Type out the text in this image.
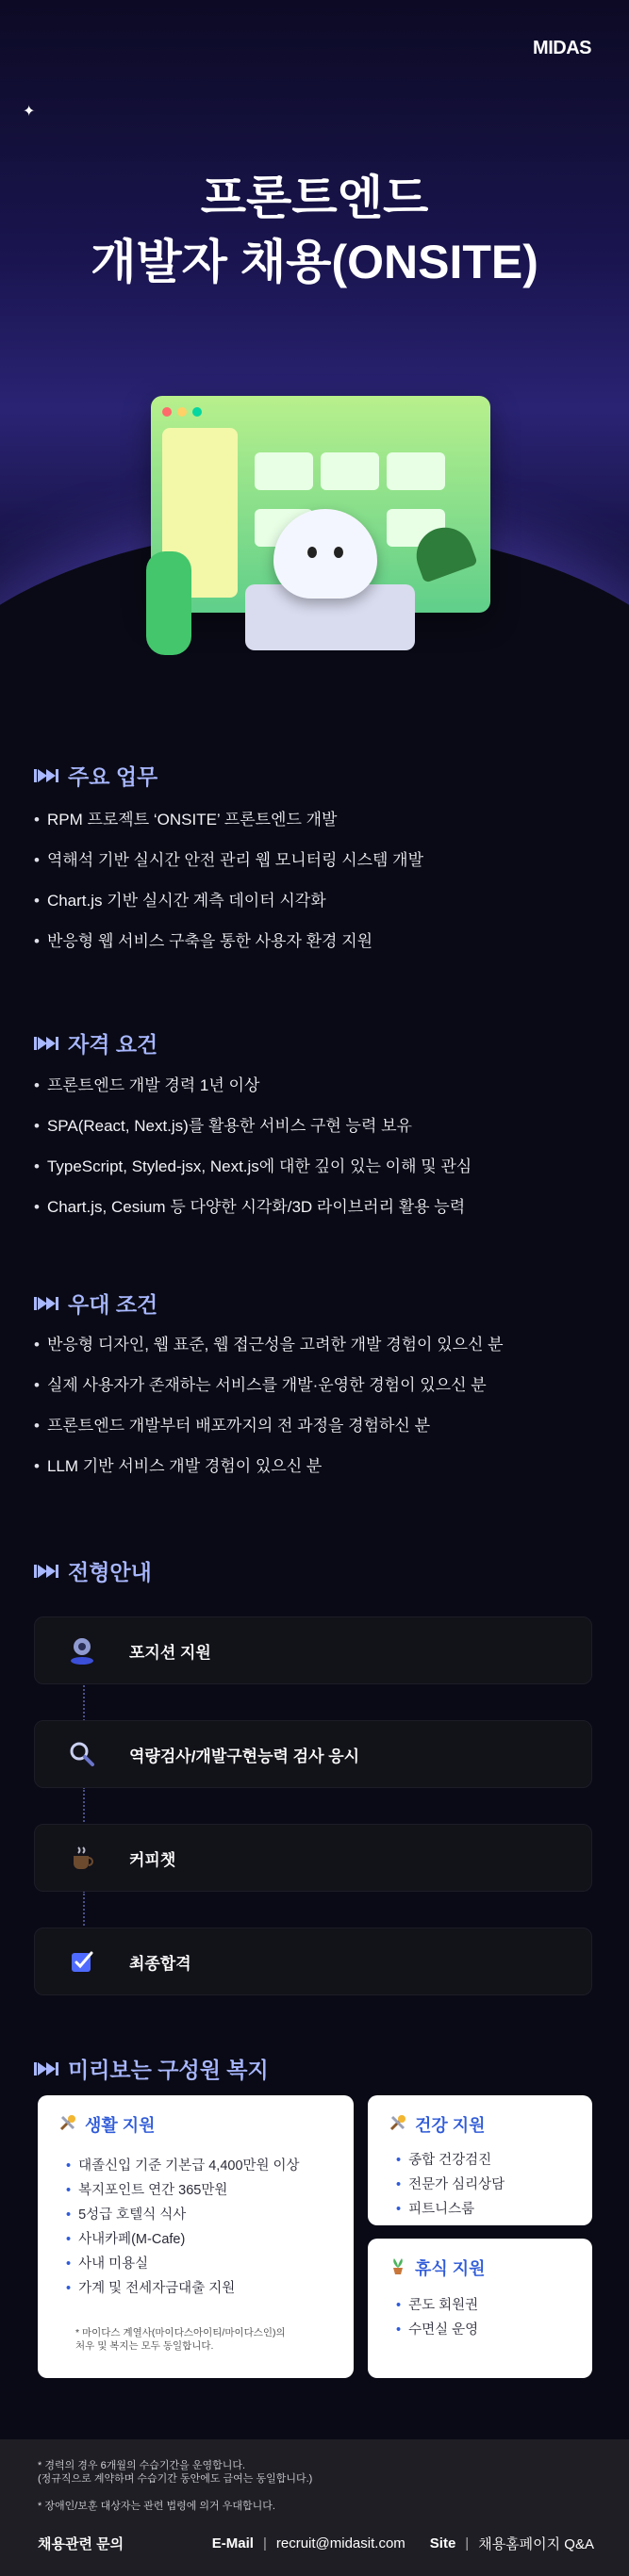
MIDAS
✦
프론트엔드
개발자 채용(ONSITE)
주요 업무
• RPM 프로젝트 ‘ONSITE’ 프론트엔드 개발
• 역해석 기반 실시간 안전 관리 웹 모니터링 시스템 개발
• Chart.js 기반 실시간 계측 데이터 시각화
• 반응형 웹 서비스 구축을 통한 사용자 환경 지원
자격 요건
• 프론트엔드 개발 경력 1년 이상
• SPA(React, Next.js)를 활용한 서비스 구현 능력 보유
• TypeScript, Styled-jsx, Next.js에 대한 깊이 있는 이해 및 관심
• Chart.js, Cesium 등 다양한 시각화/3D 라이브러리 활용 능력
우대 조건
• 반응형 디자인, 웹 표준, 웹 접근성을 고려한 개발 경험이 있으신 분
• 실제 사용자가 존재하는 서비스를 개발·운영한 경험이 있으신 분
• 프론트엔드 개발부터 배포까지의 전 과정을 경험하신 분
• LLM 기반 서비스 개발 경험이 있으신 분
전형안내
포지션 지원
역량검사/개발구현능력 검사 응시
커피챗
최종합격
미리보는 구성원 복지
생활 지원
• 대졸신입 기준 기본급 4,400만원 이상
• 복지포인트 연간 365만원
• 5성급 호텔식 식사
• 사내카페(M-Cafe)
• 사내 미용실
• 가계 및 전세자금대출 지원
* 마이다스 계열사(마이다스아이티/마이다스인)의
처우 및 복지는 모두 동일합니다.
건강 지원
• 종합 건강검진
• 전문가 심리상담
• 피트니스룸
휴식 지원
• 콘도 회원권
• 수면실 운영
* 경력의 경우 6개월의 수습기간을 운영합니다.
(정규직으로 계약하며 수습기간 동안에도 급여는 동일합니다.)
* 장애인/보훈 대상자는 관련 법령에 의거 우대합니다.
채용관련 문의	E-Mail | recruit@midasit.com Site | 채용홈페이지 Q&A
